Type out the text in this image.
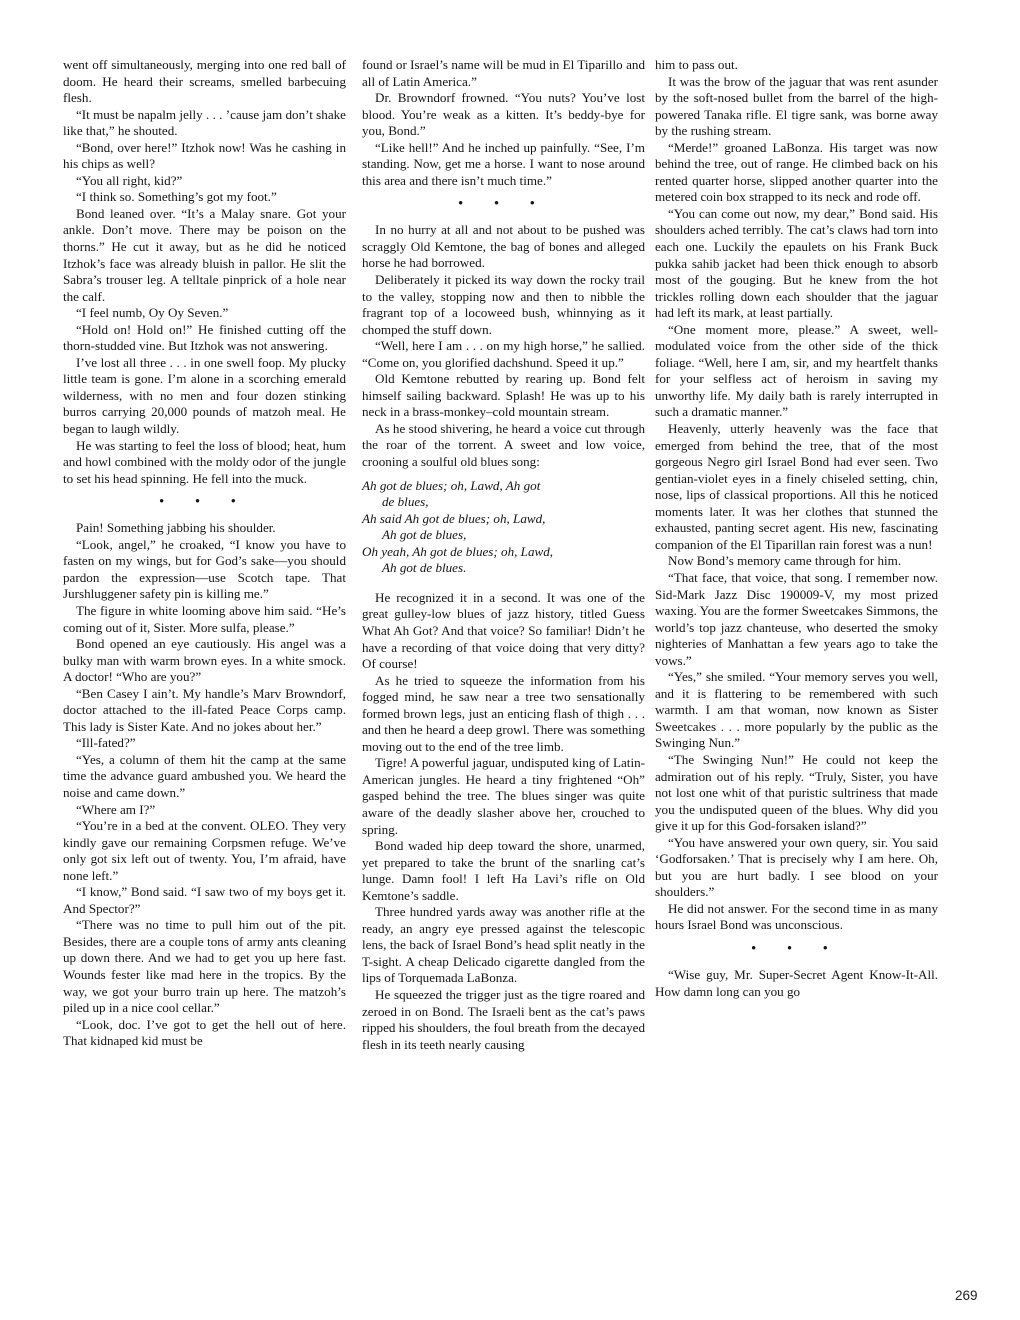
went off simultaneously, merging into one red ball of doom. He heard their screams, smelled barbecuing flesh.

“It must be napalm jelly . . . ’cause jam don’t shake like that,” he shouted.

“Bond, over here!” Itzhok now! Was he cashing in his chips as well?

“You all right, kid?”

“I think so. Something’s got my foot.”

Bond leaned over. “It’s a Malay snare. Got your ankle. Don’t move. There may be poison on the thorns.” He cut it away, but as he did he noticed Itzhok’s face was already bluish in pallor. He slit the Sabra’s trouser leg. A telltale pinprick of a hole near the calf.

“I feel numb, Oy Oy Seven.”

“Hold on! Hold on!” He finished cutting off the thorn-studded vine. But Itzhok was not answering.

I’ve lost all three . . . in one swell foop. My plucky little team is gone. I’m alone in a scorching emerald wilderness, with no men and four dozen stinking burros carrying 20,000 pounds of matzoh meal. He began to laugh wildly.

He was starting to feel the loss of blood; heat, hum and howl combined with the moldy odor of the jungle to set his head spinning. He fell into the muck.

• • •

Pain! Something jabbing his shoulder.

“Look, angel,” he croaked, “I know you have to fasten on my wings, but for God’s sake—you should pardon the expression—use Scotch tape. That Jurshluggener safety pin is killing me.”

The figure in white looming above him said. “He’s coming out of it, Sister. More sulfa, please.”

Bond opened an eye cautiously. His angel was a bulky man with warm brown eyes. In a white smock. A doctor! “Who are you?”

“Ben Casey I ain’t. My handle’s Marv Browndorf, doctor attached to the ill-fated Peace Corps camp. This lady is Sister Kate. And no jokes about her.”

“Ill-fated?”

“Yes, a column of them hit the camp at the same time the advance guard ambushed you. We heard the noise and came down.”

“Where am I?”

“You’re in a bed at the convent. OLEO. They very kindly gave our remaining Corpsmen refuge. We’ve only got six left out of twenty. You, I’m afraid, have none left.”

“I know,” Bond said. “I saw two of my boys get it. And Spector?”

“There was no time to pull him out of the pit. Besides, there are a couple tons of army ants cleaning up down there. And we had to get you up here fast. Wounds fester like mad here in the tropics. By the way, we got your burro train up here. The matzoh’s piled up in a nice cool cellar.”

“Look, doc. I’ve got to get the hell out of here. That kidnaped kid must be

found or Israel’s name will be mud in El Tiparillo and all of Latin America.”

Dr. Browndorf frowned. “You nuts? You’ve lost blood. You’re weak as a kitten. It’s beddy-bye for you, Bond.”

“Like hell!” And he inched up painfully. “See, I’m standing. Now, get me a horse. I want to nose around this area and there isn’t much time.”

• • •

In no hurry at all and not about to be pushed was scraggly Old Kemtone, the bag of bones and alleged horse he had borrowed.

Deliberately it picked its way down the rocky trail to the valley, stopping now and then to nibble the fragrant top of a locoweed bush, whinnying as it chomped the stuff down.

“Well, here I am . . . on my high horse,” he sallied. “Come on, you glorified dachshund. Speed it up.”

Old Kemtone rebutted by rearing up. Bond felt himself sailing backward. Splash! He was up to his neck in a brass-monkey–cold mountain stream.

As he stood shivering, he heard a voice cut through the roar of the torrent. A sweet and low voice, crooning a soulful old blues song:

Ah got de blues; oh, Lawd, Ah got

de blues,

Ah said Ah got de blues; oh, Lawd,

Ah got de blues,

Oh yeah, Ah got de blues; oh, Lawd,

Ah got de blues.

He recognized it in a second. It was one of the great gulley-low blues of jazz history, titled Guess What Ah Got? And that voice? So familiar! Didn’t he have a recording of that voice doing that very ditty? Of course!

As he tried to squeeze the information from his fogged mind, he saw near a tree two sensationally formed brown legs, just an enticing flash of thigh . . . and then he heard a deep growl. There was something moving out to the end of the tree limb.

Tigre! A powerful jaguar, undisputed king of Latin-American jungles. He heard a tiny frightened “Oh” gasped behind the tree. The blues singer was quite aware of the deadly slasher above her, crouched to spring.

Bond waded hip deep toward the shore, unarmed, yet prepared to take the brunt of the snarling cat’s lunge. Damn fool! I left Ha Lavi’s rifle on Old Kemtone’s saddle.

Three hundred yards away was another rifle at the ready, an angry eye pressed against the telescopic lens, the back of Israel Bond’s head split neatly in the T-sight. A cheap Delicado cigarette dangled from the lips of Torquemada LaBonza.

He squeezed the trigger just as the tigre roared and zeroed in on Bond. The Israeli bent as the cat’s paws ripped his shoulders, the foul breath from the decayed flesh in its teeth nearly causing

him to pass out.

It was the brow of the jaguar that was rent asunder by the soft-nosed bullet from the barrel of the high-powered Tanaka rifle. El tigre sank, was borne away by the rushing stream.

“Merde!” groaned LaBonza. His target was now behind the tree, out of range. He climbed back on his rented quarter horse, slipped another quarter into the metered coin box strapped to its neck and rode off.

“You can come out now, my dear,” Bond said. His shoulders ached terribly. The cat’s claws had torn into each one. Luckily the epaulets on his Frank Buck pukka sahib jacket had been thick enough to absorb most of the gouging. But he knew from the hot trickles rolling down each shoulder that the jaguar had left its mark, at least partially.

“One moment more, please.” A sweet, well-modulated voice from the other side of the thick foliage. “Well, here I am, sir, and my heartfelt thanks for your selfless act of heroism in saving my unworthy life. My daily bath is rarely interrupted in such a dramatic manner.”

Heavenly, utterly heavenly was the face that emerged from behind the tree, that of the most gorgeous Negro girl Israel Bond had ever seen. Two gentian-violet eyes in a finely chiseled setting, chin, nose, lips of classical proportions. All this he noticed moments later. It was her clothes that stunned the exhausted, panting secret agent. His new, fascinating companion of the El Tiparillan rain forest was a nun!

Now Bond’s memory came through for him.

“That face, that voice, that song. I remember now. Sid-Mark Jazz Disc 190009-V, my most prized waxing. You are the former Sweetcakes Simmons, the world’s top jazz chanteuse, who deserted the smoky nighteries of Manhattan a few years ago to take the vows.”

“Yes,” she smiled. “Your memory serves you well, and it is flattering to be remembered with such warmth. I am that woman, now known as Sister Sweetcakes . . . more popularly by the public as the Swinging Nun.”

“The Swinging Nun!” He could not keep the admiration out of his reply. “Truly, Sister, you have not lost one whit of that puristic sultriness that made you the undisputed queen of the blues. Why did you give it up for this God-forsaken island?”

“You have answered your own query, sir. You said ‘Godforsaken.’ That is precisely why I am here. Oh, but you are hurt badly. I see blood on your shoulders.”

He did not answer. For the second time in as many hours Israel Bond was unconscious.

• • •

“Wise guy, Mr. Super-Secret Agent Know-It-All. How damn long can you go

269
